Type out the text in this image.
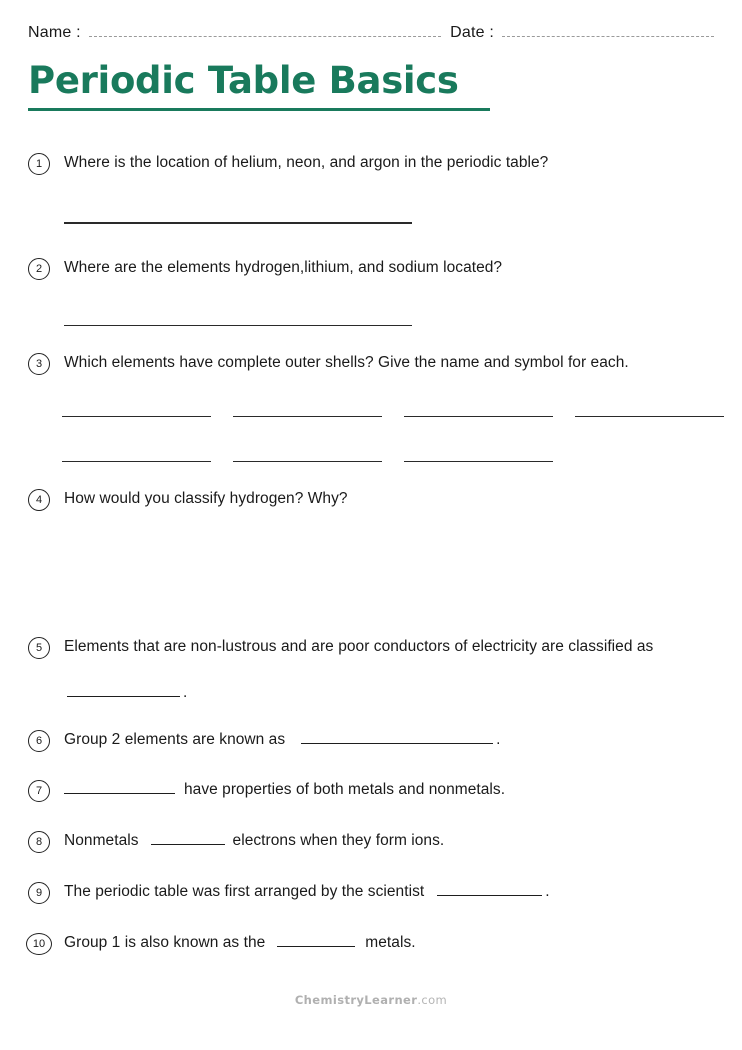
Name :	Date :
Periodic Table Basics
1	Where is the location of helium, neon, and argon in the periodic table?
2	Where are the elements hydrogen,lithium, and sodium located?
3	Which elements have complete outer shells? Give the name and symbol for each.
4	How would you classify hydrogen? Why?
5	Elements that are non-lustrous and are poor conductors of electricity are classified as
.
6	Group 2 elements are known as	.
7	have properties of both metals and nonmetals.
8	Nonmetals	electrons when they form ions.
9	The periodic table was first arranged by the scientist	.
10	Group 1 is also known as the	metals.
ChemistryLearner.com
